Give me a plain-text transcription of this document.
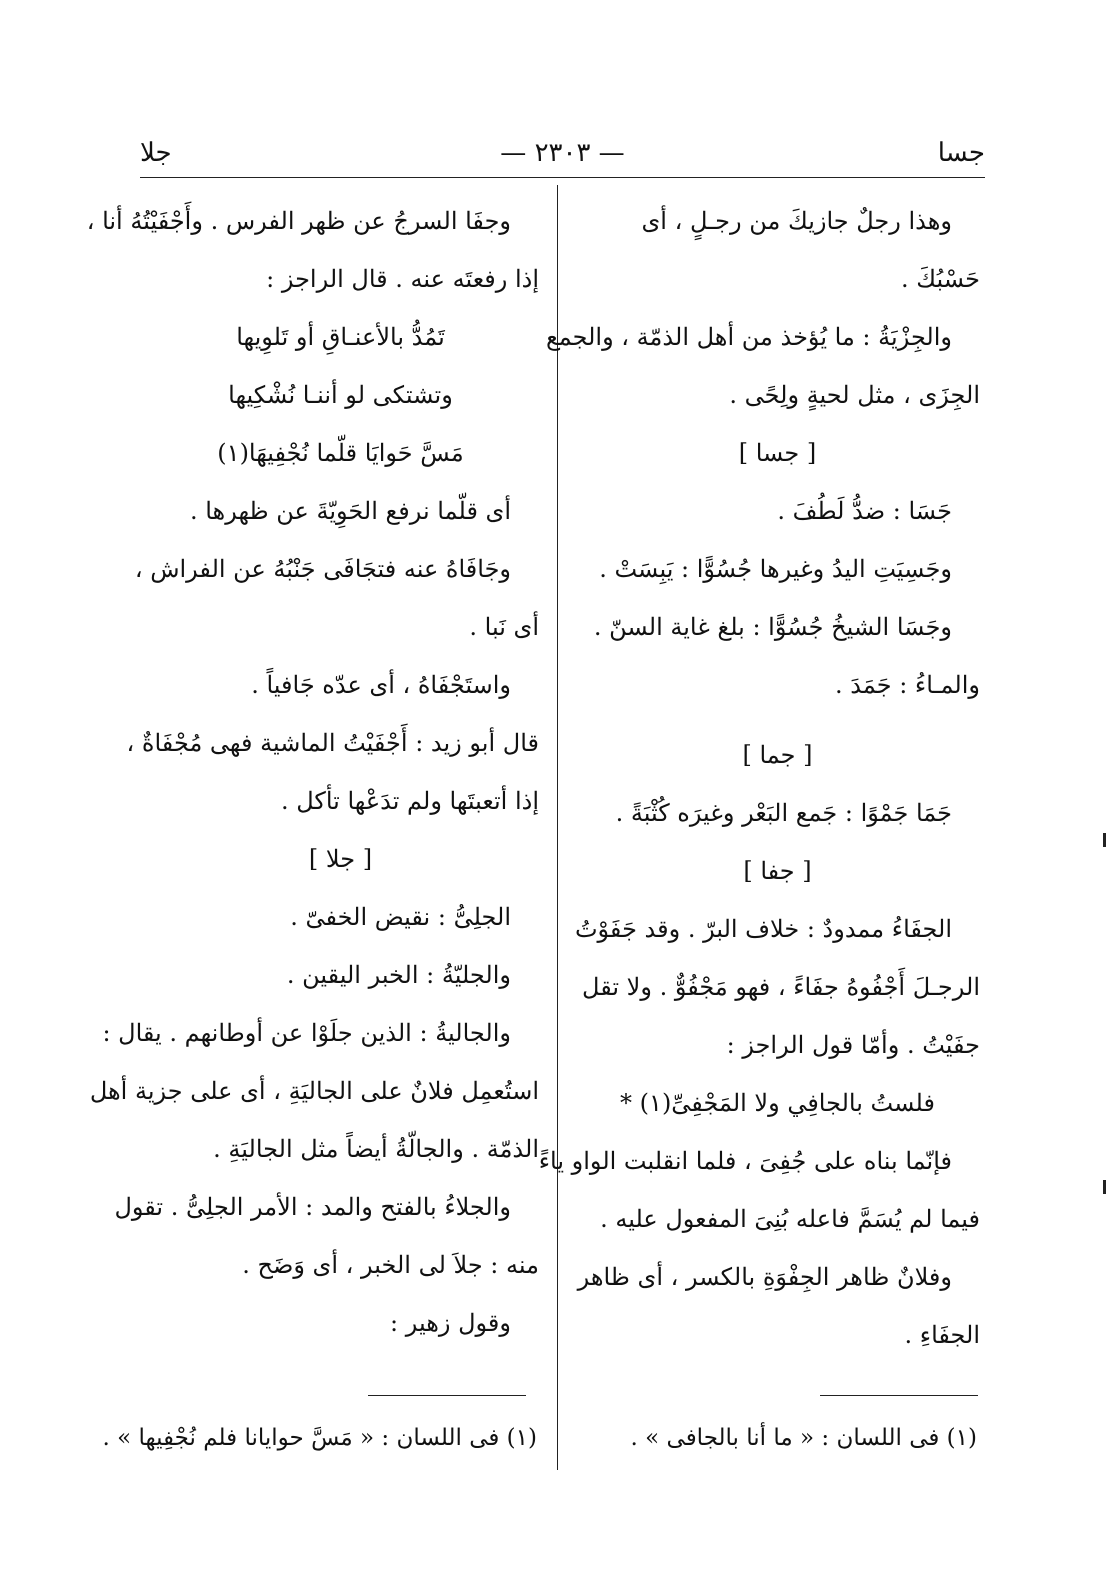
جسا
— ٢٣٠٣ —
جلا
وهذا رجلٌ جازيكَ من رجـلٍ ، أى
حَسْبُكَ .
والجِزْيَةُ : ما يُؤخذ من أهل الذمّة ، والجمع
الجِزَى ، مثل لحيةٍ ولِحًى .
[ جسا ]
جَسَا : ضدُّ لَطُفَ .
وجَسِيَتِ اليدُ وغيرها جُسُوًّا : يَبِسَتْ .
وجَسَا الشيخُ جُسُوًّا : بلغ غاية السنّ .
والمـاءُ : جَمَدَ .
[ جما ]
جَمَا جَمْوًا : جَمع البَعْر وغيرَه كُثْبَةً .
[ جفا ]
الجفَاءُ ممدودٌ : خلاف البرّ . وقد جَفَوْتُ
الرجـلَ أَجْفُوهُ جفَاءً ، فهو مَجْفُوٌّ . ولا تقل
جفَيْتُ . وأمّا قول الراجز :
فلستُ بالجافِي ولا المَجْفِىِّ(١) *
فإنّما بناه على جُفِىَ ، فلما انقلبت الواو ياءً
فيما لم يُسَمَّ فاعله بُنِىَ المفعول عليه .
وفلانٌ ظاهر الجِفْوَةِ بالكسر ، أى ظاهر
الجفَاءِ .
وجفَا السرجُ عن ظهر الفرس . وأَجْفَيْتُهُ أنا ،
إذا رفعتَه عنه . قال الراجز :
تَمُدُّ بالأعنـاقِ أو تَلوِيها
وتشتكى لو أننـا نُشْكِيها
مَسَّ حَوايَا قلّما نُجْفِيهَا(١)
أى قلّما نرفع الحَوِيّةَ عن ظهرها .
وجَافَاهُ عنه فتجَافَى جَنْبُهُ عن الفراش ،
أى نَبا .
واستَجْفَاهُ ، أى عدّه جَافياً .
قال أبو زيد : أَجْفَيْتُ الماشية فهى مُجْفَاةٌ ،
إذا أتعبتَها ولم تدَعْها تأكل .
[ جلا ]
الجلِىُّ : نقيض الخفىّ .
والجليّةُ : الخبر اليقين .
والجاليةُ : الذين جلَوْا عن أوطانهم . يقال :
استُعمِل فلانٌ على الجاليَةِ ، أى على جزية أهل
الذمّة . والجالّةُ أيضاً مثل الجاليَةِ .
والجلاءُ بالفتح والمد : الأمر الجلِىُّ . تقول
منه : جلاَ لى الخبر ، أى وَضَح .
وقول زهير :
(١) فى اللسان : « ما أنا بالجافى » .
(١) فى اللسان : « مَسَّ حوايانا فلم نُجْفِيها » .
